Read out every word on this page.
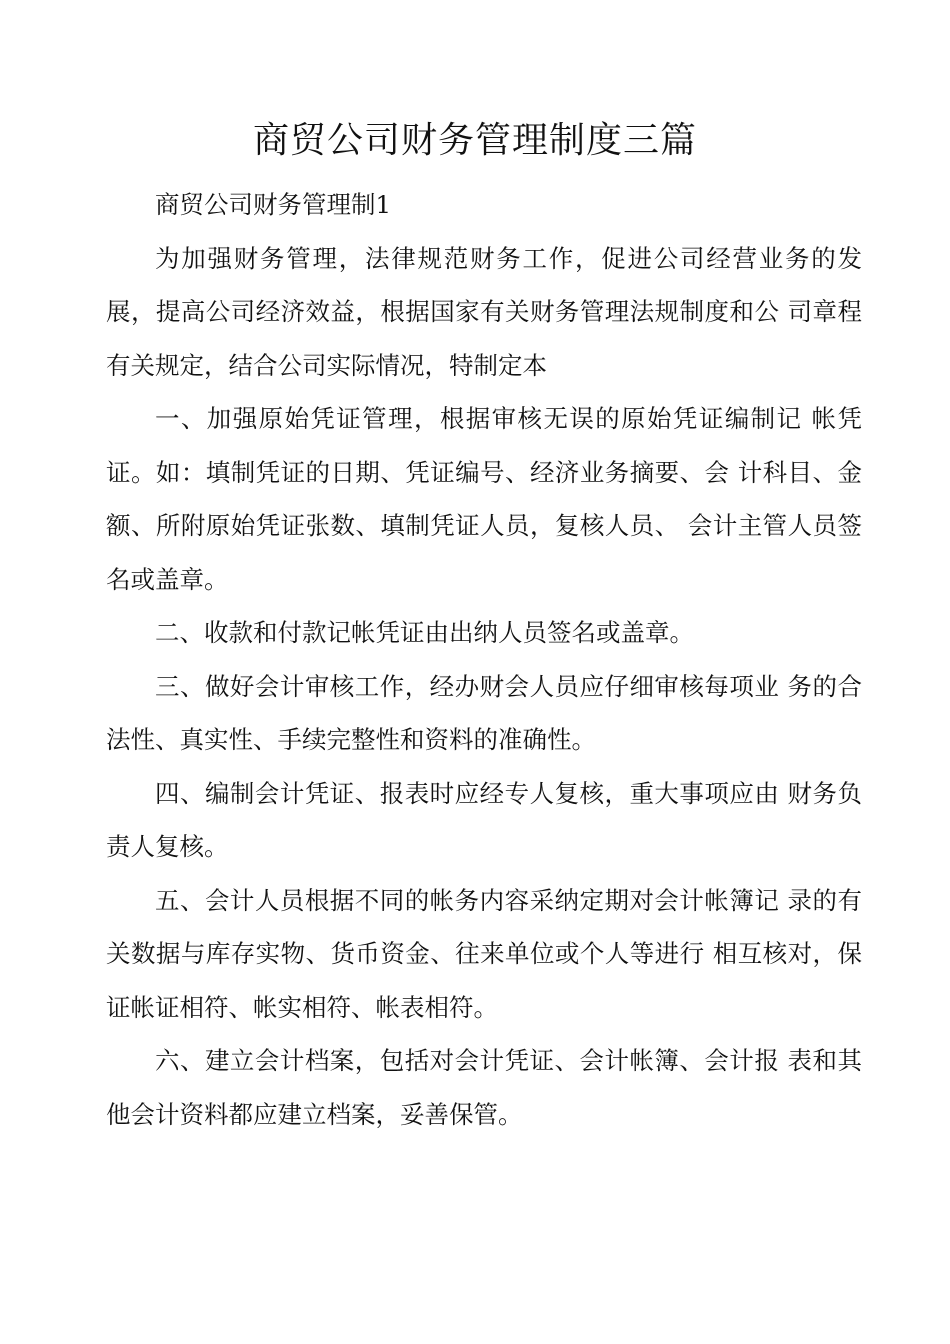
商贸公司财务管理制度三篇

商贸公司财务管理制1

为加强财务管理，法律规范财务工作，促进公司经营业务的发展，提高公司经济效益，根据国家有关财务管理法规制度和公 司章程有关规定，结合公司实际情况，特制定本

一、加强原始凭证管理，根据审核无误的原始凭证编制记 帐凭证。如：填制凭证的日期、凭证编号、经济业务摘要、会 计科目、金额、所附原始凭证张数、填制凭证人员，复核人员、 会计主管人员签名或盖章。

二、收款和付款记帐凭证由出纳人员签名或盖章。

三、做好会计审核工作，经办财会人员应仔细审核每项业 务的合法性、真实性、手续完整性和资料的准确性。

四、编制会计凭证、报表时应经专人复核，重大事项应由 财务负责人复核。

五、会计人员根据不同的帐务内容采纳定期对会计帐簿记 录的有关数据与库存实物、货币资金、往来单位或个人等进行 相互核对，保证帐证相符、帐实相符、帐表相符。

六、建立会计档案，包括对会计凭证、会计帐簿、会计报 表和其他会计资料都应建立档案，妥善保管。
